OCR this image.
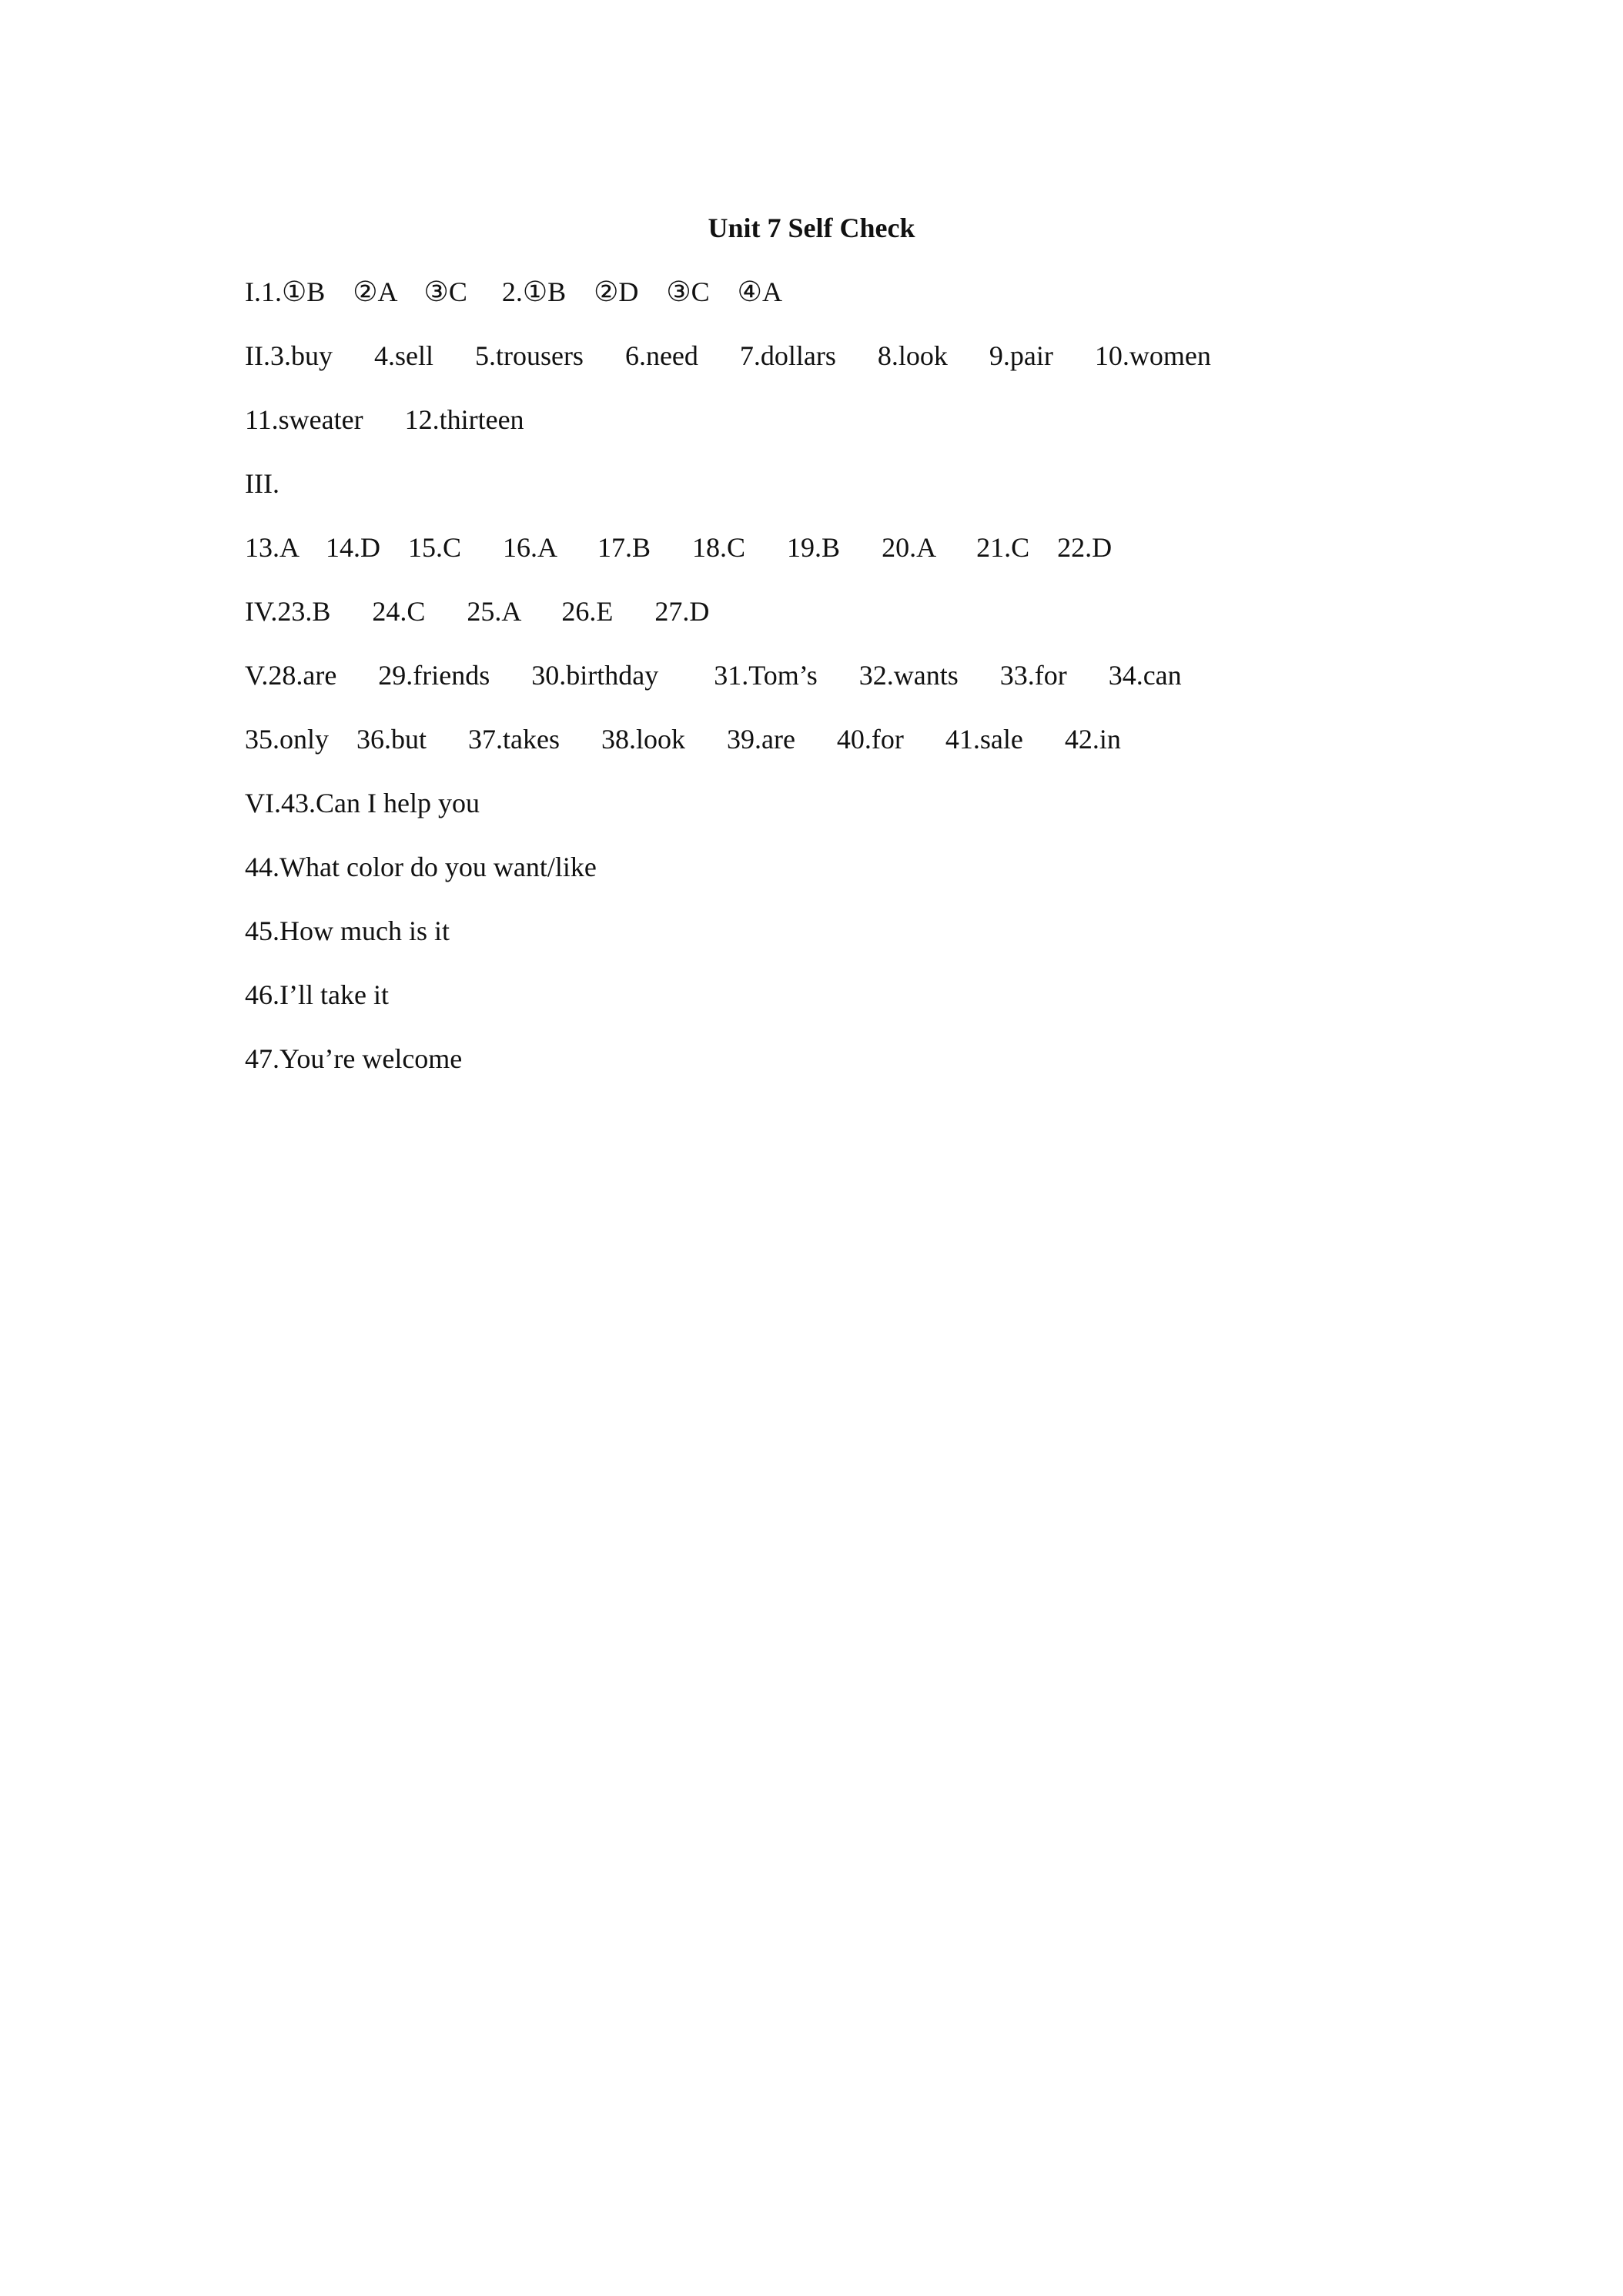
Unit 7 Self Check
I.1.①B    ②A    ③C     2.①B    ②D    ③C    ④A
II.3.buy      4.sell      5.trousers      6.need      7.dollars      8.look      9.pair      10.women
11.sweater      12.thirteen
III.
13.A    14.D    15.C      16.A      17.B      18.C      19.B      20.A      21.C    22.D
IV.23.B      24.C      25.A      26.E      27.D
V.28.are      29.friends      30.birthday        31.Tom’s      32.wants      33.for      34.can
35.only    36.but      37.takes      38.look      39.are      40.for      41.sale      42.in
VI.43.Can I help you
44.What color do you want/like
45.How much is it
46.I’ll take it
47.You’re welcome
